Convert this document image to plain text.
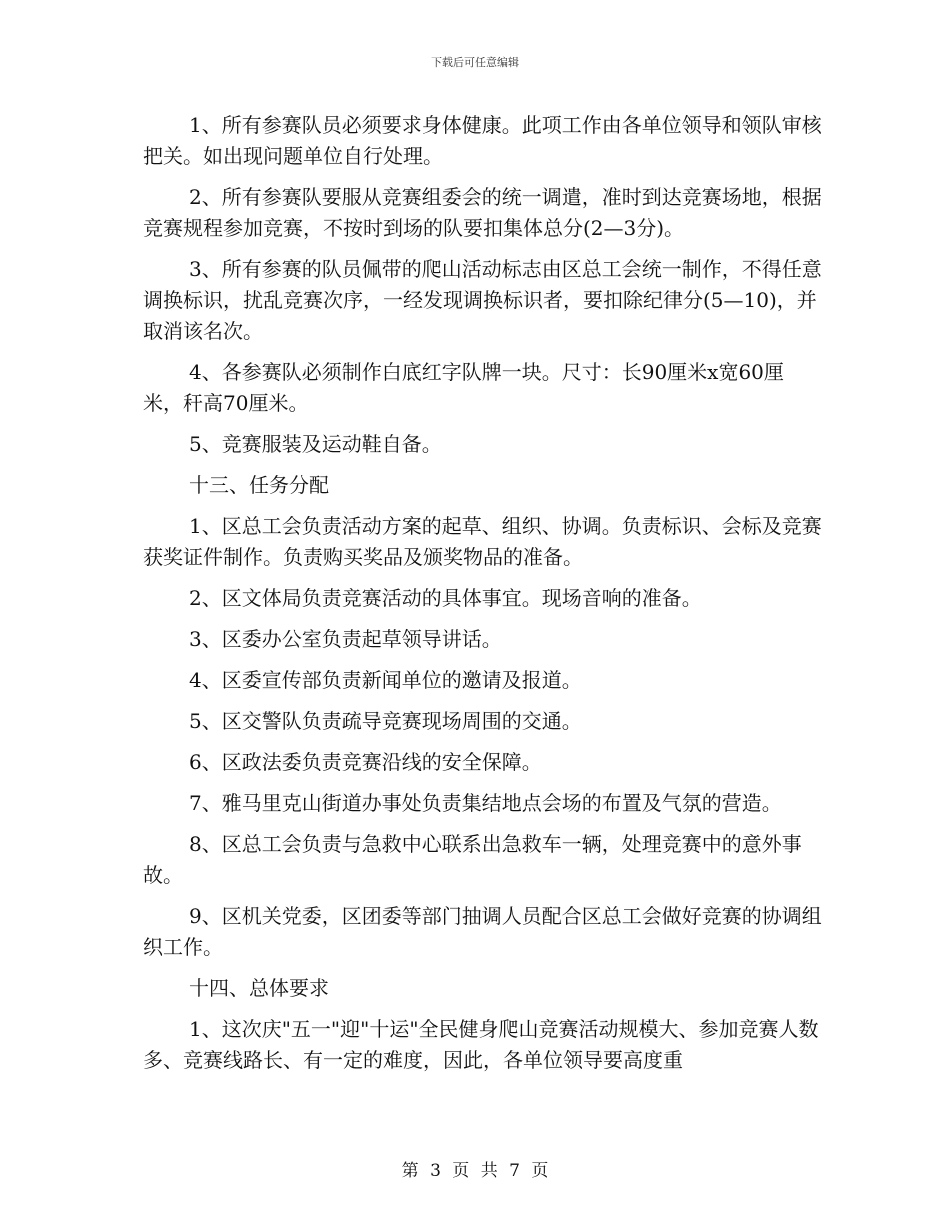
下载后可任意编辑

1、所有参赛队员必须要求身体健康。此项工作由各单位领导和领队审核把关。如出现问题单位自行处理。

2、所有参赛队要服从竞赛组委会的统一调遣，准时到达竞赛场地，根据竞赛规程参加竞赛，不按时到场的队要扣集体总分(2—3分)。

3、所有参赛的队员佩带的爬山活动标志由区总工会统一制作，不得任意调换标识，扰乱竞赛次序，一经发现调换标识者，要扣除纪律分(5—10)，并取消该名次。

4、各参赛队必须制作白底红字队牌一块。尺寸：长90厘米x宽60厘米，秆高70厘米。

5、竞赛服装及运动鞋自备。

十三、任务分配

1、区总工会负责活动方案的起草、组织、协调。负责标识、会标及竞赛获奖证件制作。负责购买奖品及颁奖物品的准备。

2、区文体局负责竞赛活动的具体事宜。现场音响的准备。

3、区委办公室负责起草领导讲话。

4、区委宣传部负责新闻单位的邀请及报道。

5、区交警队负责疏导竞赛现场周围的交通。

6、区政法委负责竞赛沿线的安全保障。

7、雅马里克山街道办事处负责集结地点会场的布置及气氛的营造。

8、区总工会负责与急救中心联系出急救车一辆，处理竞赛中的意外事故。

9、区机关党委，区团委等部门抽调人员配合区总工会做好竞赛的协调组织工作。

十四、总体要求

1、这次庆"五一"迎"十运"全民健身爬山竞赛活动规模大、参加竞赛人数多、竞赛线路长、有一定的难度，因此，各单位领导要高度重

第 3 页 共 7 页
